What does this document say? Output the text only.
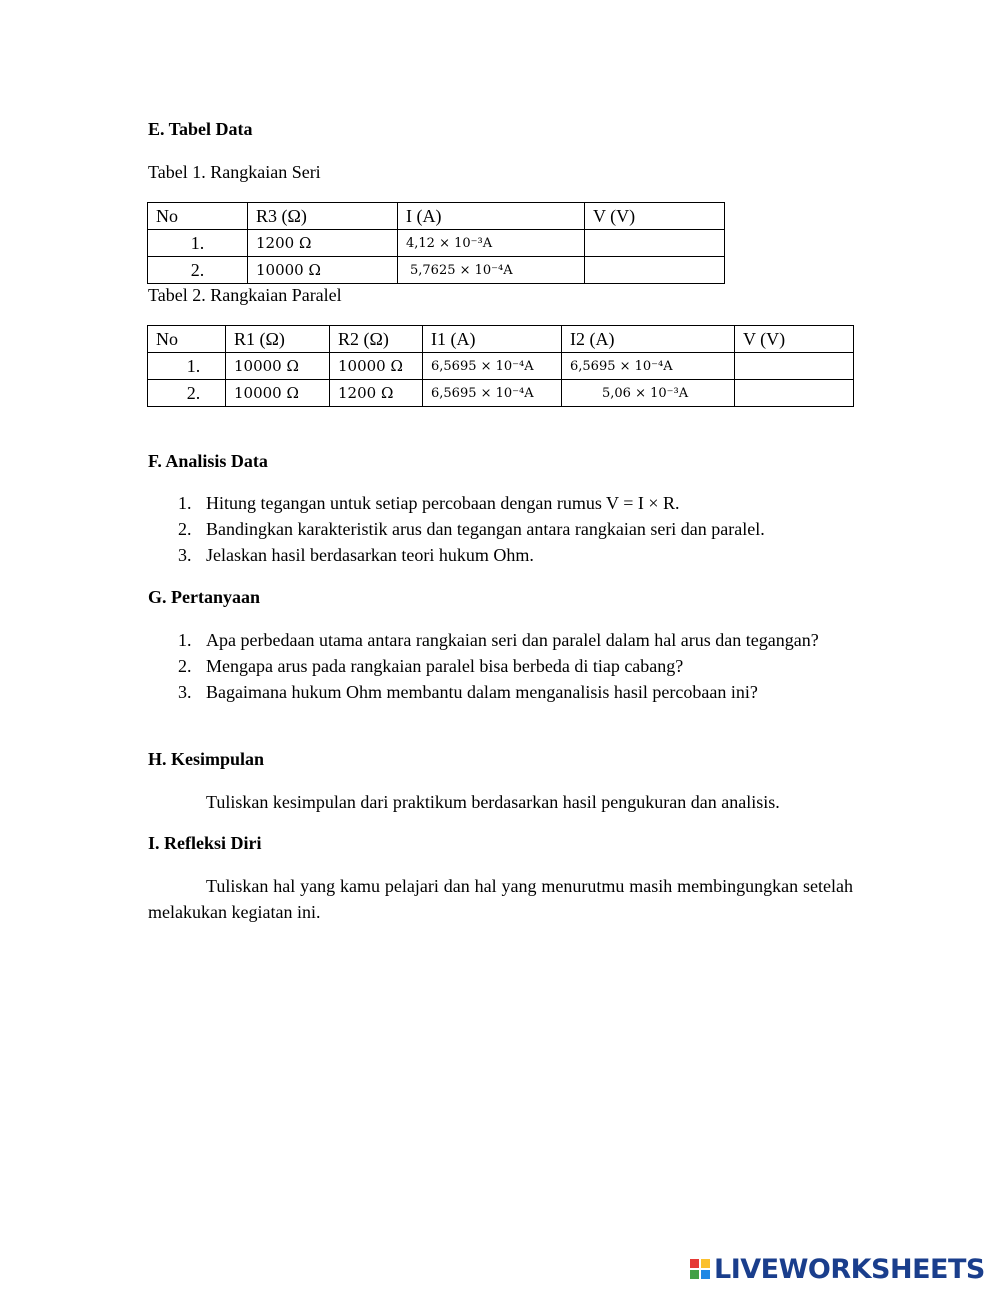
E. Tabel Data
Tabel 1. Rangkaian Seri
No	R3 (Ω)	I (A)	V (V)
1.	1200 Ω	4,12 × 10⁻³A	
2.	10000 Ω	5,7625 × 10⁻⁴A	
Tabel 2. Rangkaian Paralel
No	R1 (Ω)	R2 (Ω)	I1 (A)	I2 (A)	V (V)
1.	10000 Ω	10000 Ω	6,5695 × 10⁻⁴A	6,5695 × 10⁻⁴A	
2.	10000 Ω	1200 Ω	6,5695 × 10⁻⁴A	5,06 × 10⁻³A	
F. Analisis Data
1. Hitung tegangan untuk setiap percobaan dengan rumus V = I × R.
2. Bandingkan karakteristik arus dan tegangan antara rangkaian seri dan paralel.
3. Jelaskan hasil berdasarkan teori hukum Ohm.
G. Pertanyaan
1. Apa perbedaan utama antara rangkaian seri dan paralel dalam hal arus dan tegangan?
2. Mengapa arus pada rangkaian paralel bisa berbeda di tiap cabang?
3. Bagaimana hukum Ohm membantu dalam menganalisis hasil percobaan ini?
H. Kesimpulan
Tuliskan kesimpulan dari praktikum berdasarkan hasil pengukuran dan analisis.
I. Refleksi Diri
Tuliskan hal yang kamu pelajari dan hal yang menurutmu masih membingungkan setelah melakukan kegiatan ini.
LIVEWORKSHEETS
